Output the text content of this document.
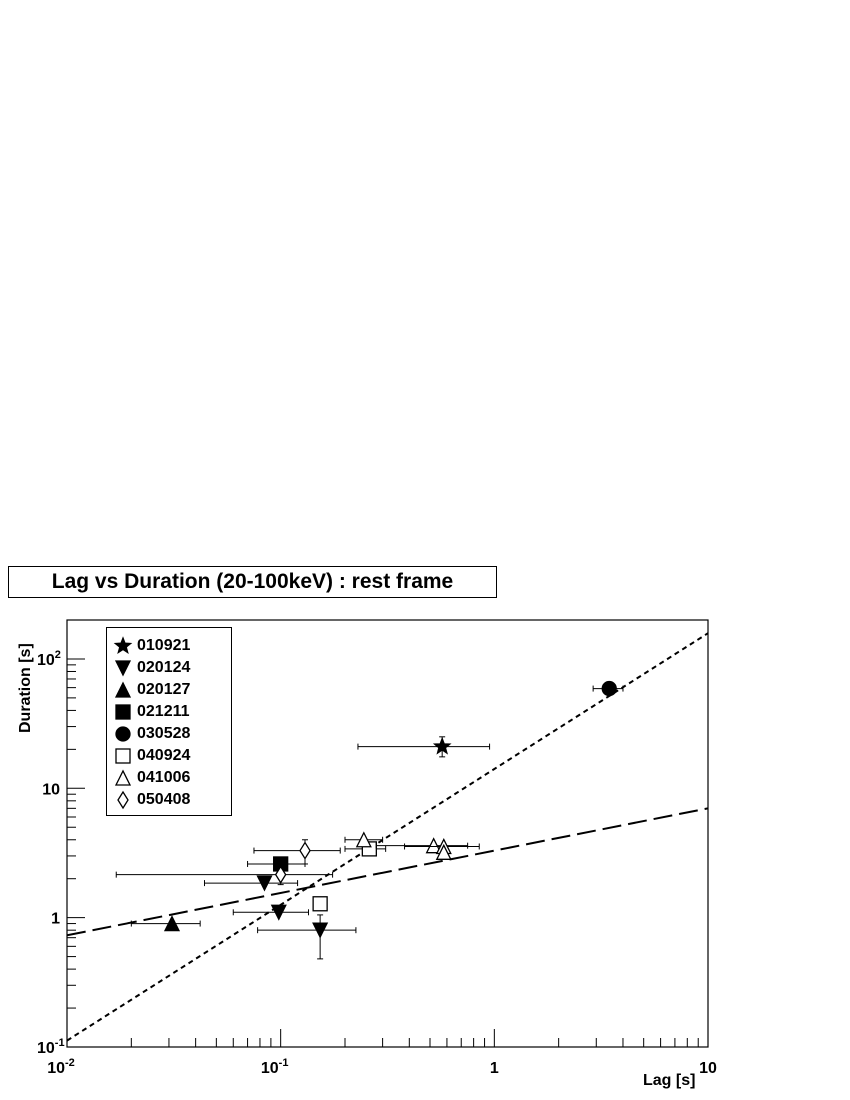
$10^{-2}$	$10^{-1}$	1	10
$10^{-1}$
1
10
$10^2$
Lag vs Duration (20-100keV) : rest frame
010921
020124
020127
021211
030528
040924
041006
050408
Lag [s]
Duration [s]
